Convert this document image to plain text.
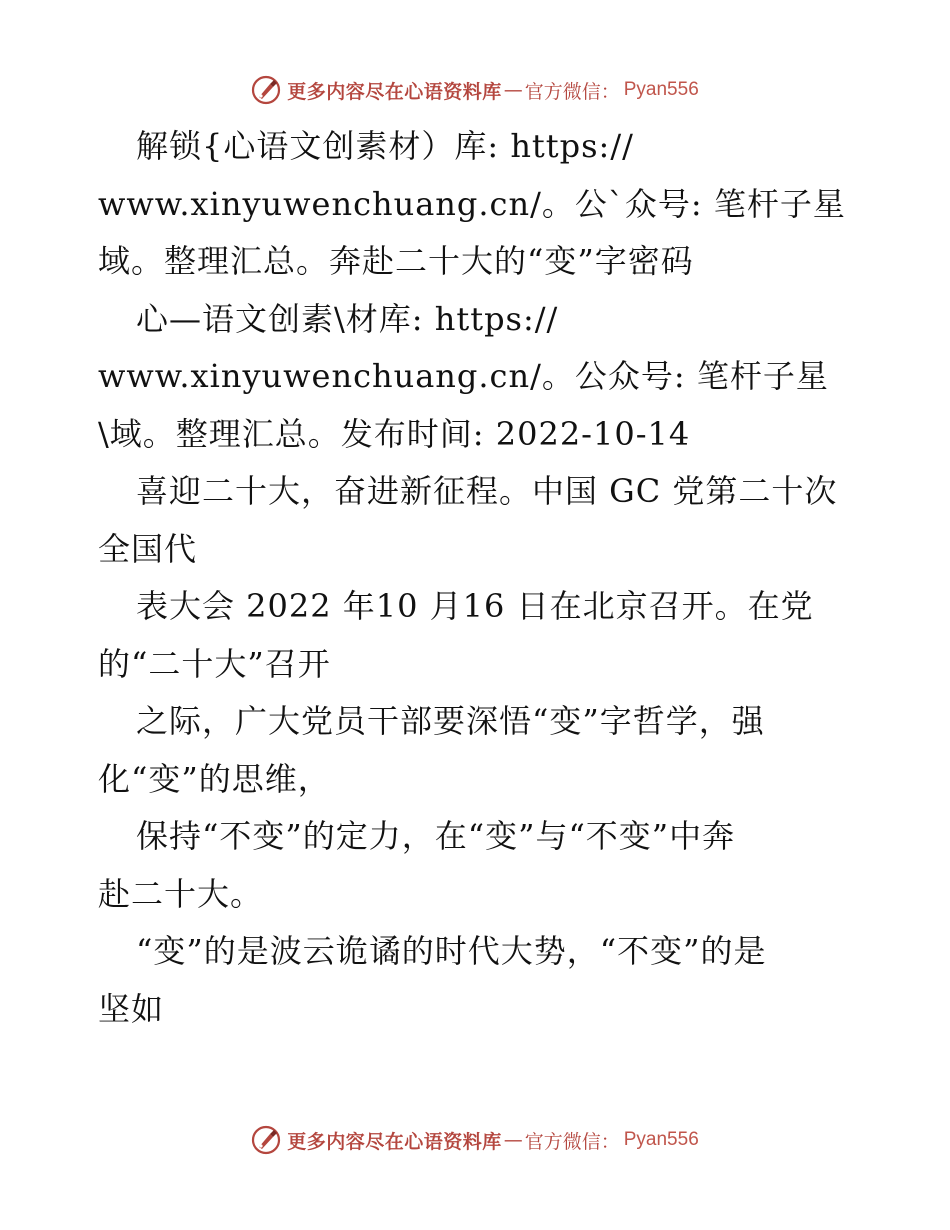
更多内容尽在心语资料库 — 官方微信： Pyan556
解锁{心语文创素材）库: https://
www.xinyuwenchuang.cn/。公`众号: 笔杆子星
域。整理汇总。奔赴二十大的“变”字密码
心—语文创素\材库: https://
www.xinyuwenchuang.cn/。公众号: 笔杆子星
\域。整理汇总。发布时间: 2022-10-14
喜迎二十大，奋进新征程。中国 GC 党第二十次
全国代
表大会 2022 年10 月16 日在北京召开。在党
的“二十大”召开
之际，广大党员干部要深悟“变”字哲学，强
化“变”的思维，
保持“不变”的定力，在“变”与“不变”中奔
赴二十大。
“变”的是波云诡谲的时代大势，“不变”的是
坚如
更多内容尽在心语资料库 — 官方微信： Pyan556
